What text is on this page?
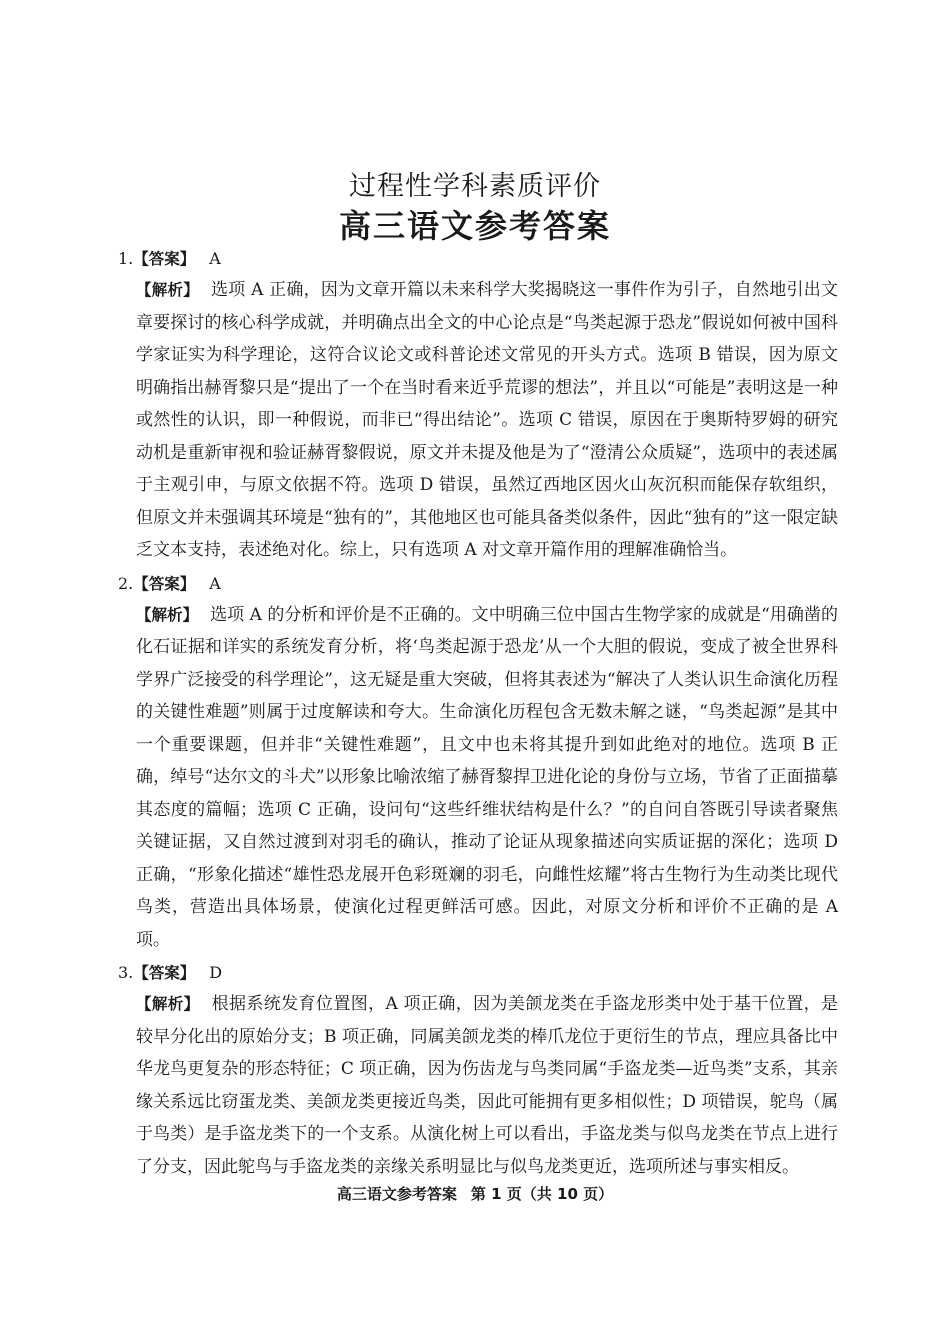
过程性学科素质评价
高三语文参考答案
1.【答案】 A

【解析】 选项 A 正确，因为文章开篇以未来科学大奖揭晓这一事件作为引子，自然地引出文章要探讨的核心科学成就，并明确点出全文的中心论点是“鸟类起源于恐龙”假说如何被中国科学家证实为科学理论，这符合议论文或科普论述文常见的开头方式。选项 B 错误，因为原文明确指出赫胥黎只是“提出了一个在当时看来近乎荒谬的想法”，并且以“可能是”表明这是一种或然性的认识，即一种假说，而非已“得出结论”。选项 C 错误，原因在于奥斯特罗姆的研究动机是重新审视和验证赫胥黎假说，原文并未提及他是为了“澄清公众质疑”，选项中的表述属于主观引申，与原文依据不符。选项 D 错误，虽然辽西地区因火山灰沉积而能保存软组织，但原文并未强调其环境是“独有的”，其他地区也可能具备类似条件，因此“独有的”这一限定缺乏文本支持，表述绝对化。综上，只有选项 A 对文章开篇作用的理解准确恰当。

2.【答案】 A

【解析】 选项 A 的分析和评价是不正确的。文中明确三位中国古生物学家的成就是“用确凿的化石证据和详实的系统发育分析，将‘鸟类起源于恐龙’从一个大胆的假说，变成了被全世界科学界广泛接受的科学理论”，这无疑是重大突破，但将其表述为“解决了人类认识生命演化历程的关键性难题”则属于过度解读和夸大。生命演化历程包含无数未解之谜，“鸟类起源”是其中一个重要课题，但并非“关键性难题”，且文中也未将其提升到如此绝对的地位。选项 B 正确，绰号“达尔文的斗犬”以形象比喻浓缩了赫胥黎捍卫进化论的身份与立场，节省了正面描摹其态度的篇幅；选项 C 正确，设问句“这些纤维状结构是什么？”的自问自答既引导读者聚焦关键证据，又自然过渡到对羽毛的确认，推动了论证从现象描述向实质证据的深化；选项 D 正确，“形象化描述“雄性恐龙展开色彩斑斓的羽毛，向雌性炫耀”将古生物行为生动类比现代鸟类，营造出具体场景，使演化过程更鲜活可感。因此，对原文分析和评价不正确的是 A 项。

3.【答案】 D

【解析】 根据系统发育位置图，A 项正确，因为美颌龙类在手盗龙形类中处于基干位置，是较早分化出的原始分支；B 项正确，同属美颌龙类的棒爪龙位于更衍生的节点，理应具备比中华龙鸟更复杂的形态特征；C 项正确，因为伤齿龙与鸟类同属“手盗龙类—近鸟类”支系，其亲缘关系远比窃蛋龙类、美颌龙类更接近鸟类，因此可能拥有更多相似性；D 项错误，鸵鸟（属于鸟类）是手盗龙类下的一个支系。从演化树上可以看出，手盗龙类与似鸟龙类在节点上进行了分支，因此鸵鸟与手盗龙类的亲缘关系明显比与似鸟龙类更近，选项所述与事实相反。

高三语文参考答案 第 1 页（共 10 页）
